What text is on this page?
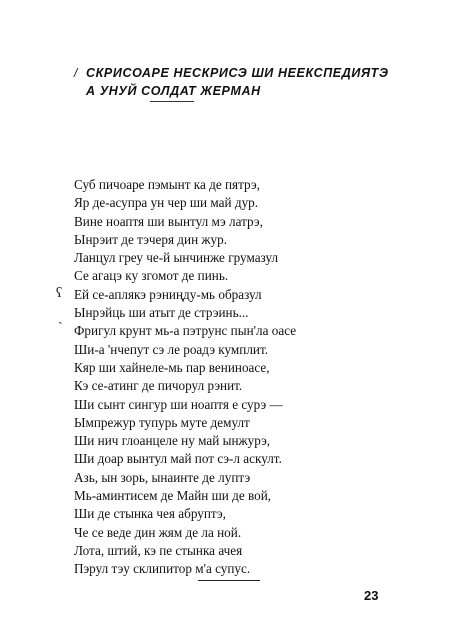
/ СКРИСОАРЕ НЕСКРИСЭ ШИ НЕЕКСПЕДИЯТЭ
А УНУЙ СОЛДАТ ЖЕРМАН
Суб пичоаре пэмынт ка де пятрэ,
Яр де-асупра ун чер ши май дур.
Вине ноаптя ши вынтул мэ латрэ,
Ынрэит де тэчеря дин жур.
Ланцул греу че-й ынчинже грумазул
Се агацэ ку згомот де пинь.
Ей се-аплякэ рэниңду-мь образул
Ынрэйць ши атыт де стрэинь...
Фригул крунт мь-а пэтрунс пын'ла оасе
Ши-а 'нчепут сэ ле роадэ кумплит.
Кяр ши хайнеле-мь пар венинoасе,
Кэ се-атинг де пичорул рэнит.
Ши сынт сингур ши ноаптя е сурэ —
Ымпрежур тупурь муте демулт
Ши нич глоанцеле ну май ынжурэ,
Ши доар вынтул май пот сэ-л аскулт.
Азь, ын зорь, ынаинте де луптэ
Мь-аминтисем де Майн ши де вой,
Ши де стынка чея абруптэ,
Че се веде дин жям де ла ной.
Лота, штий, кэ пе стынка ачея
Пэрул тэу склипитор м'а супус.
ʕ
ˎ
23
